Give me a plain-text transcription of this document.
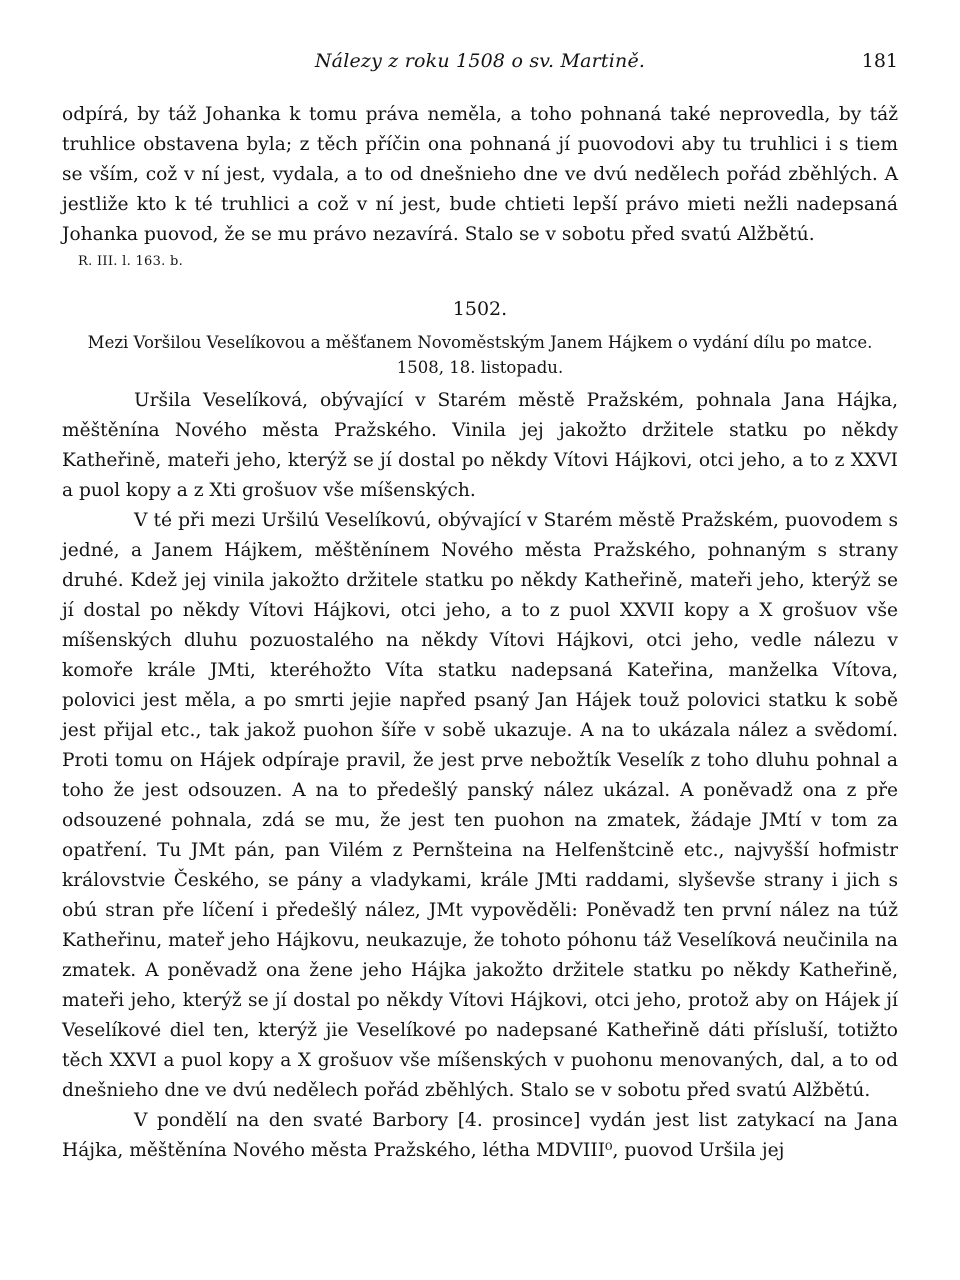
Nálezy z roku 1508 o sv. Martině.	181

odpírá, by táž Johanka k tomu práva neměla, a toho pohnaná také neprovedla, by táž truhlice obstavena byla; z těch příčin ona pohnaná jí puovodovi aby tu truhlici i s tiem se vším, což v ní jest, vydala, a to od dnešnieho dne ve dvú nedělech pořád zběhlých. A jestliže kto k té truhlici a což v ní jest, bude chtieti lepší právo mieti nežli nadepsaná Johanka puovod, že se mu právo nezavírá. Stalo se v sobotu před svatú Alžbětú.

R. III. l. 163. b.
1502.
Mezi Voršilou Veselíkovou a měšťanem Novoměstským Janem Hájkem o vydání dílu po matce.
1508, 18. listopadu.

Uršila Veselíková, obývající v Starém městě Pražském, pohnala Jana Hájka, měštěnína Nového města Pražského. Vinila jej jakožto držitele statku po někdy Katheřině, mateři jeho, kterýž se jí dostal po někdy Vítovi Hájkovi, otci jeho, a to z XXVI a puol kopy a z Xti grošuov vše míšenských.

V té při mezi Uršilú Veselíkovú, obývající v Starém městě Pražském, puovodem s jedné, a Janem Hájkem, měštěnínem Nového města Pražského, pohnaným s strany druhé. Kdež jej vinila jakožto držitele statku po někdy Katheřině, mateři jeho, kterýž se jí dostal po někdy Vítovi Hájkovi, otci jeho, a to z puol XXVII kopy a X grošuov vše míšenských dluhu pozuostalého na někdy Vítovi Hájkovi, otci jeho, vedle nálezu v komoře krále JMti, kteréhožto Víta statku nadepsaná Kateřina, manželka Vítova, polovici jest měla, a po smrti jejie napřed psaný Jan Hájek touž polovici statku k sobě jest přijal etc., tak jakož puohon šíře v sobě ukazuje. A na to ukázala nález a svědomí. Proti tomu on Hájek odpíraje pravil, že jest prve nebožtík Veselík z toho dluhu pohnal a toho že jest odsouzen. A na to předešlý panský nález ukázal. A poněvadž ona z pře odsouzené pohnala, zdá se mu, že jest ten puohon na zmatek, žádaje JMtí v tom za opatření. Tu JMt pán, pan Vilém z Pernšteina na Helfenštcině etc., najvyšší hofmistr královstvie Českého, se pány a vladykami, krále JMti raddami, slyševše strany i jich s obú stran pře líčení i předešlý nález, JMt vypověděli: Poněvadž ten první nález na túž Katheřinu, mateř jeho Hájkovu, neukazuje, že tohoto póhonu táž Veselíková neučinila na zmatek. A poněvadž ona žene jeho Hájka jakožto držitele statku po někdy Katheřině, mateři jeho, kterýž se jí dostal po někdy Vítovi Hájkovi, otci jeho, protož aby on Hájek jí Veselíkové diel ten, kterýž jie Veselíkové po nadepsané Katheřině dáti přísluší, totižto těch XXVI a puol kopy a X grošuov vše míšenských v puohonu menovaných, dal, a to od dnešnieho dne ve dvú nedělech pořád zběhlých. Stalo se v sobotu před svatú Alžbětú.

V pondělí na den svaté Barbory [4. prosince] vydán jest list zatykací na Jana Hájka, měštěnína Nového města Pražského, létha MDVIII⁰, puovod Uršila jej
